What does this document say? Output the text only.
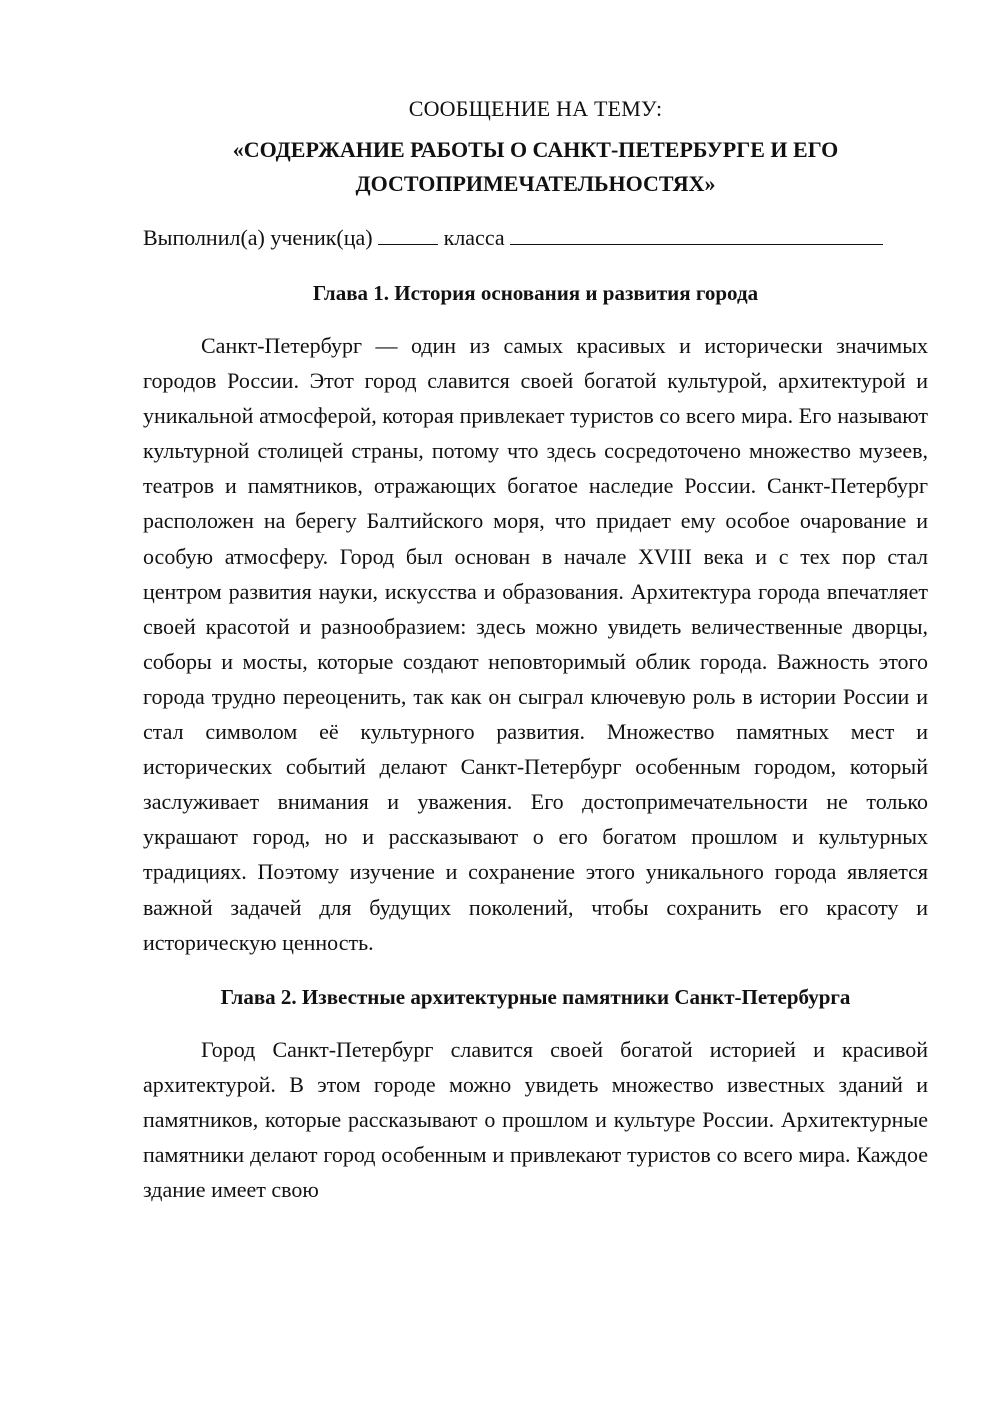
СООБЩЕНИЕ НА ТЕМУ:
«СОДЕРЖАНИЕ РАБОТЫ О САНКТ-ПЕТЕРБУРГЕ И ЕГО
ДОСТОПРИМЕЧАТЕЛЬНОСТЯХ»
Выполнил(а) ученик(ца)	класса
Глава 1. История основания и развития города

Санкт-Петербург — один из самых красивых и исторически значимых городов России. Этот город славится своей богатой культурой, архитектурой и уникальной атмосферой, которая привлекает туристов со всего мира. Его называют культурной столицей страны, потому что здесь сосредоточено множество музеев, театров и памятников, отражающих богатое наследие России. Санкт-Петербург расположен на берегу Балтийского моря, что придает ему особое очарование и особую атмосферу. Город был основан в начале XVIII века и с тех пор стал центром развития науки, искусства и образования. Архитектура города впечатляет своей красотой и разнообразием: здесь можно увидеть величественные дворцы, соборы и мосты, которые создают неповторимый облик города. Важность этого города трудно переоценить, так как он сыграл ключевую роль в истории России и стал символом её культурного развития. Множество памятных мест и исторических событий делают Санкт-Петербург особенным городом, который заслуживает внимания и уважения. Его достопримечательности не только украшают город, но и рассказывают о его богатом прошлом и культурных традициях. Поэтому изучение и сохранение этого уникального города является важной задачей для будущих поколений, чтобы сохранить его красоту и историческую ценность.

Глава 2. Известные архитектурные памятники Санкт-Петербурга

Город Санкт-Петербург славится своей богатой историей и красивой архитектурой. В этом городе можно увидеть множество известных зданий и памятников, которые рассказывают о прошлом и культуре России. Архитектурные памятники делают город особенным и привлекают туристов со всего мира. Каждое здание имеет свою
